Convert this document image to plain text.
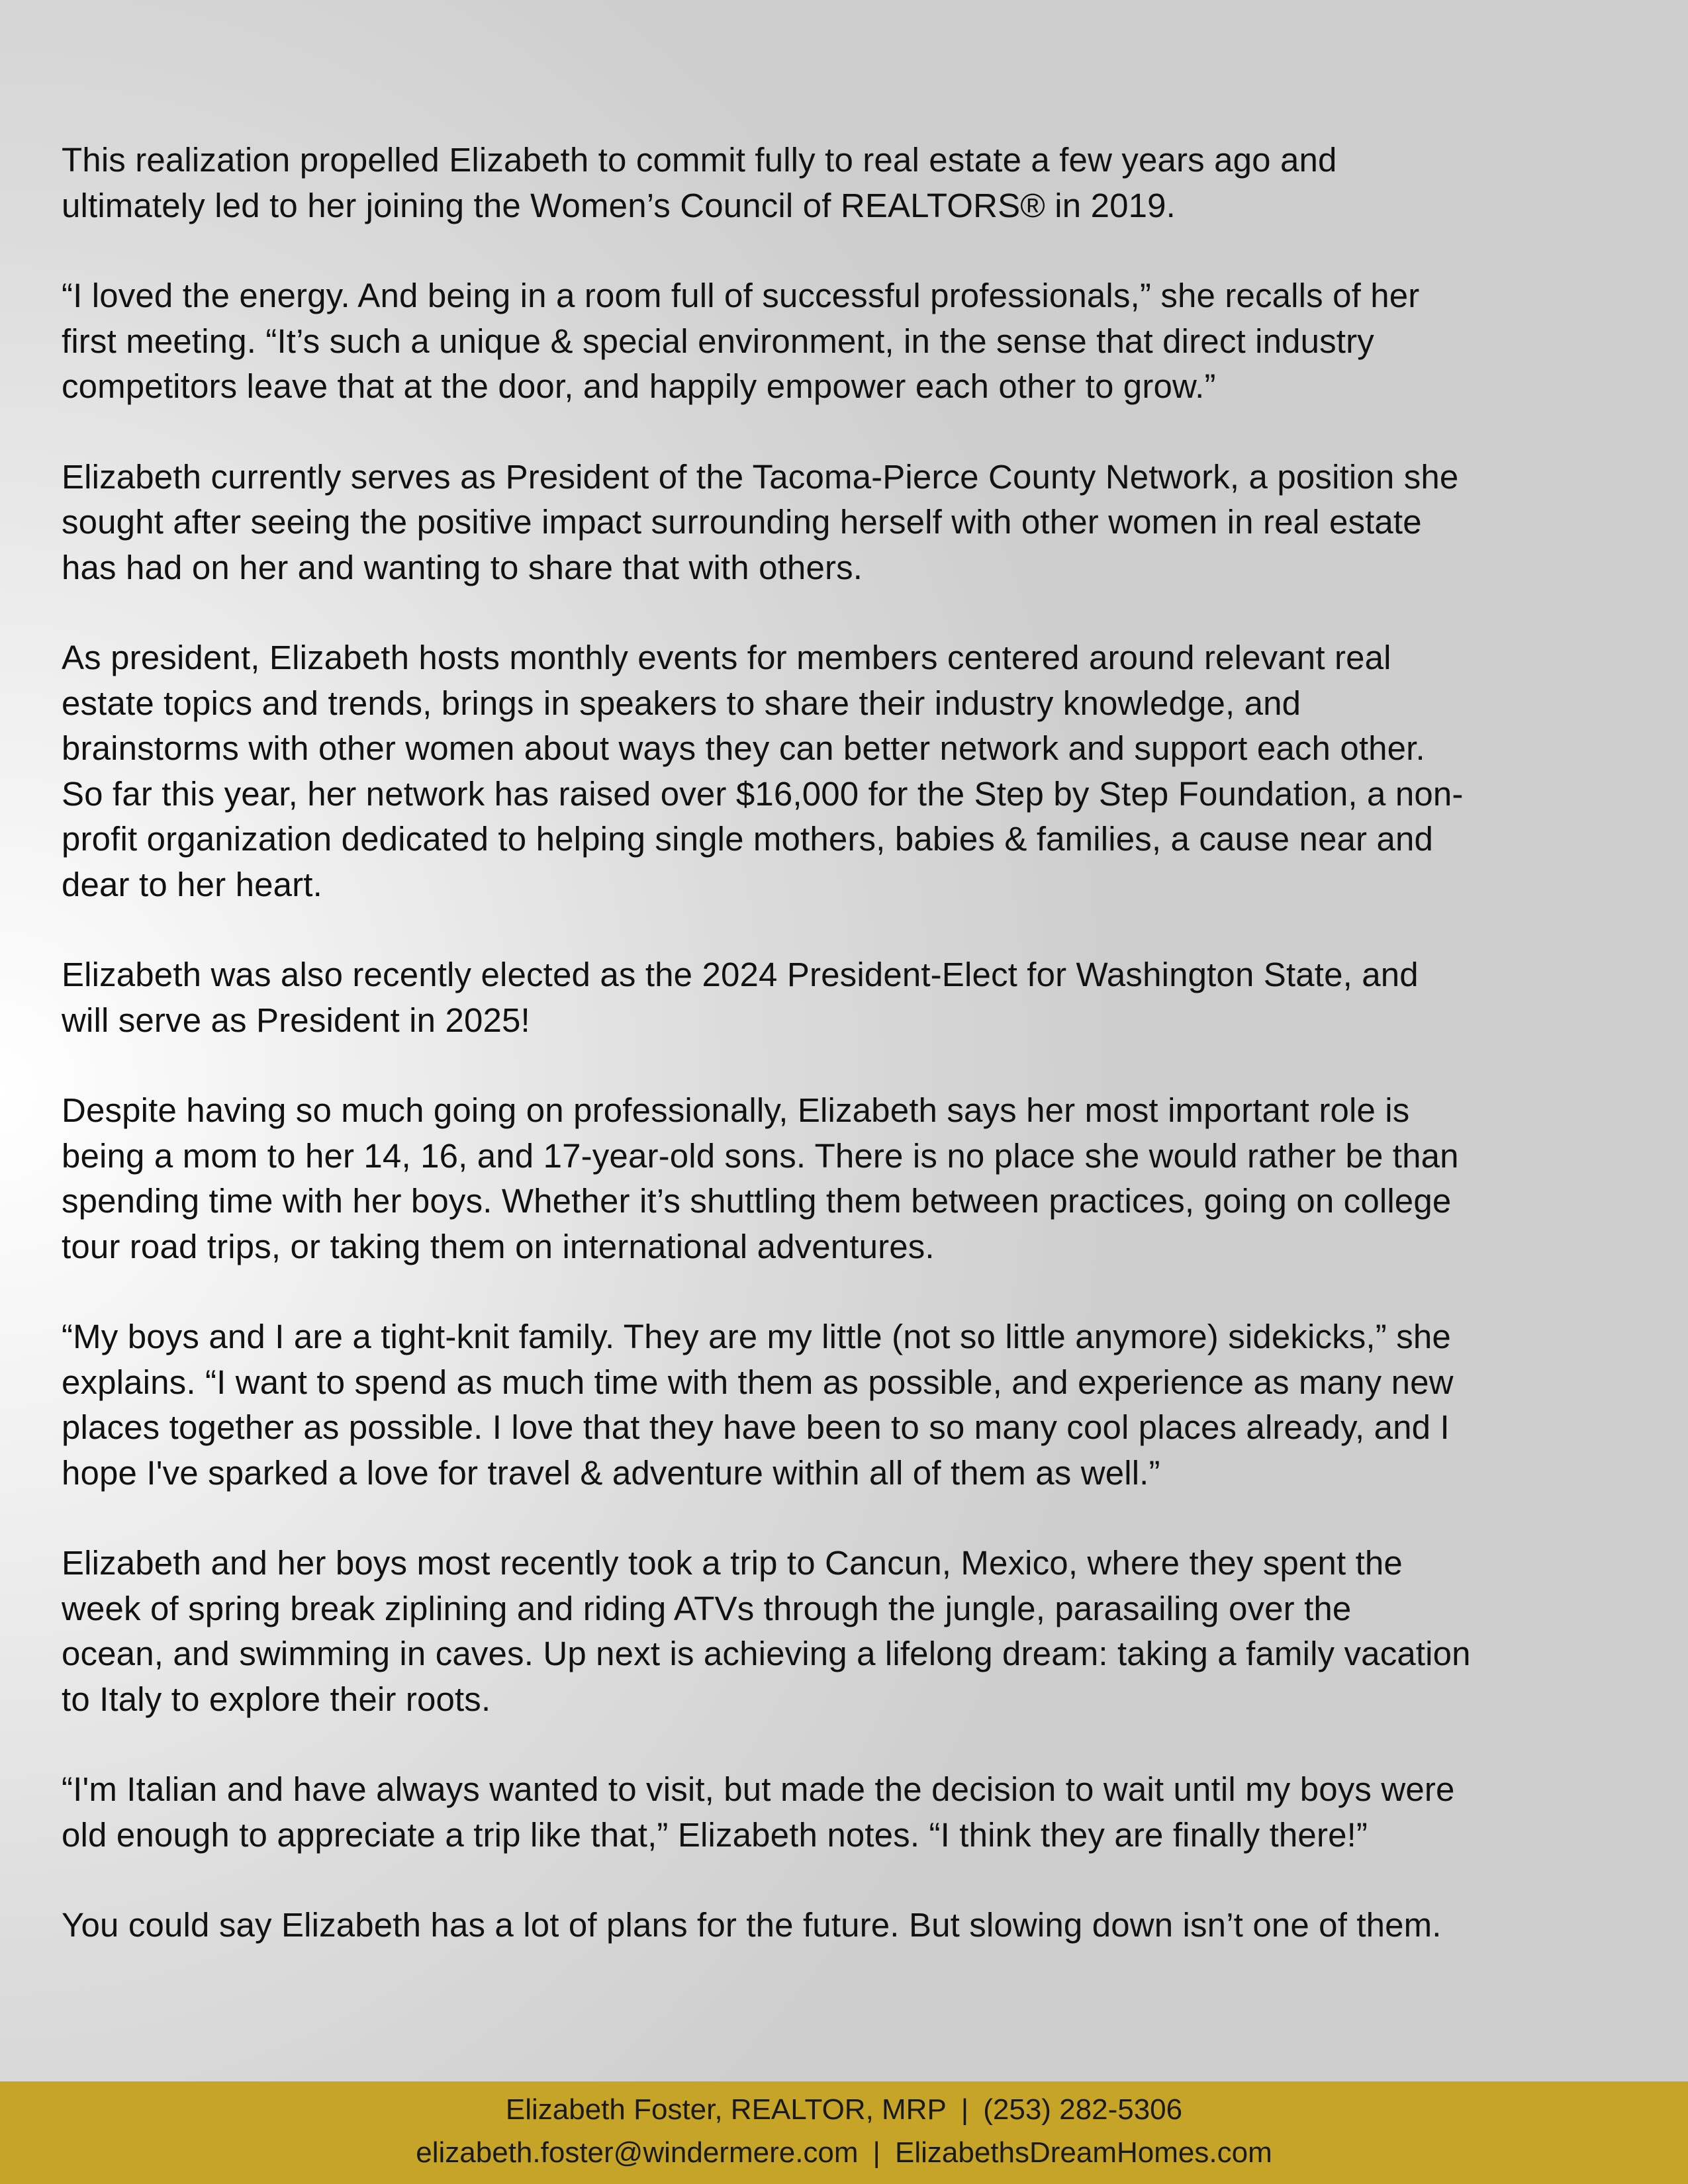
This realization propelled Elizabeth to commit fully to real estate a few years ago and
ultimately led to her joining the Women’s Council of REALTORS® in 2019.

“I loved the energy. And being in a room full of successful professionals,” she recalls of her
first meeting. “It’s such a unique & special environment, in the sense that direct industry
competitors leave that at the door, and happily empower each other to grow.”

Elizabeth currently serves as President of the Tacoma-Pierce County Network, a position she
sought after seeing the positive impact surrounding herself with other women in real estate
has had on her and wanting to share that with others.

As president, Elizabeth hosts monthly events for members centered around relevant real
estate topics and trends, brings in speakers to share their industry knowledge, and
brainstorms with other women about ways they can better network and support each other.
So far this year, her network has raised over $16,000 for the Step by Step Foundation, a non-
profit organization dedicated to helping single mothers, babies & families, a cause near and
dear to her heart.

Elizabeth was also recently elected as the 2024 President-Elect for Washington State, and
will serve as President in 2025!

Despite having so much going on professionally, Elizabeth says her most important role is
being a mom to her 14, 16, and 17-year-old sons. There is no place she would rather be than
spending time with her boys. Whether it’s shuttling them between practices, going on college
tour road trips, or taking them on international adventures.

“My boys and I are a tight-knit family. They are my little (not so little anymore) sidekicks,” she
explains. “I want to spend as much time with them as possible, and experience as many new
places together as possible. I love that they have been to so many cool places already, and I
hope I've sparked a love for travel & adventure within all of them as well.”

Elizabeth and her boys most recently took a trip to Cancun, Mexico, where they spent the
week of spring break ziplining and riding ATVs through the jungle, parasailing over the
ocean, and swimming in caves. Up next is achieving a lifelong dream: taking a family vacation
to Italy to explore their roots.

“I'm Italian and have always wanted to visit, but made the decision to wait until my boys were
old enough to appreciate a trip like that,” Elizabeth notes. “I think they are finally there!”

You could say Elizabeth has a lot of plans for the future. But slowing down isn’t one of them.

Elizabeth Foster, REALTOR, MRP | (253) 282-5306
elizabeth.foster@windermere.com | ElizabethsDreamHomes.com
